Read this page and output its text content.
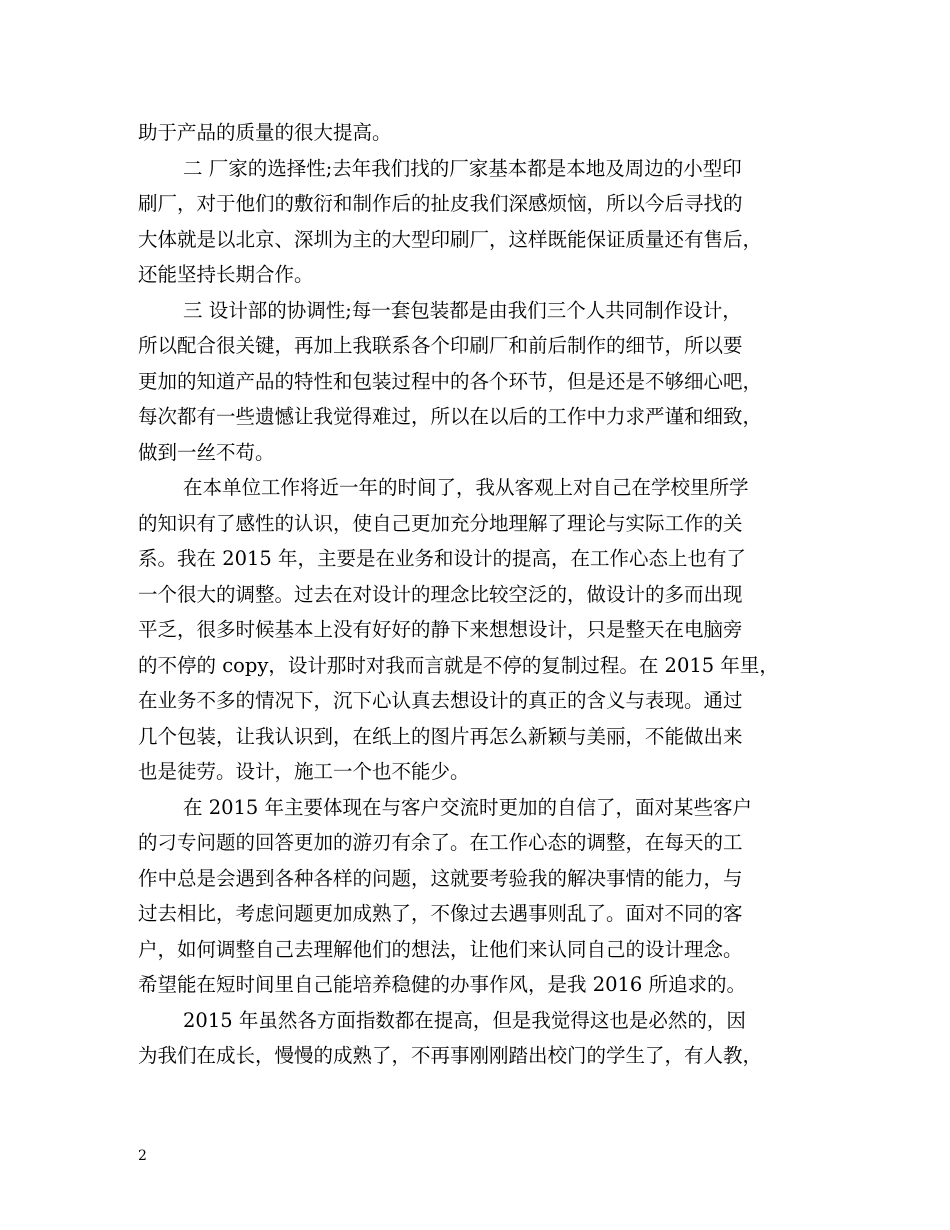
助于产品的质量的很大提高。
二 厂家的选择性;去年我们找的厂家基本都是本地及周边的小型印
刷厂，对于他们的敷衍和制作后的扯皮我们深感烦恼，所以今后寻找的
大体就是以北京、深圳为主的大型印刷厂，这样既能保证质量还有售后，
还能坚持长期合作。
三 设计部的协调性;每一套包装都是由我们三个人共同制作设计，
所以配合很关键，再加上我联系各个印刷厂和前后制作的细节，所以要
更加的知道产品的特性和包装过程中的各个环节，但是还是不够细心吧，
每次都有一些遗憾让我觉得难过，所以在以后的工作中力求严谨和细致，
做到一丝不苟。
在本单位工作将近一年的时间了，我从客观上对自己在学校里所学
的知识有了感性的认识，使自己更加充分地理解了理论与实际工作的关
系。我在 2015 年，主要是在业务和设计的提高，在工作心态上也有了
一个很大的调整。过去在对设计的理念比较空泛的，做设计的多而出现
平乏，很多时候基本上没有好好的静下来想想设计，只是整天在电脑旁
的不停的 copy，设计那时对我而言就是不停的复制过程。在 2015 年里，
在业务不多的情况下，沉下心认真去想设计的真正的含义与表现。通过
几个包装，让我认识到，在纸上的图片再怎么新颖与美丽，不能做出来
也是徒劳。设计，施工一个也不能少。
在 2015 年主要体现在与客户交流时更加的自信了，面对某些客户
的刁专问题的回答更加的游刃有余了。在工作心态的调整，在每天的工
作中总是会遇到各种各样的问题，这就要考验我的解决事情的能力，与
过去相比，考虑问题更加成熟了，不像过去遇事则乱了。面对不同的客
户，如何调整自己去理解他们的想法，让他们来认同自己的设计理念。
希望能在短时间里自己能培养稳健的办事作风，是我 2016 所追求的。
2015 年虽然各方面指数都在提高，但是我觉得这也是必然的，因
为我们在成长，慢慢的成熟了，不再事刚刚踏出校门的学生了，有人教，
2
